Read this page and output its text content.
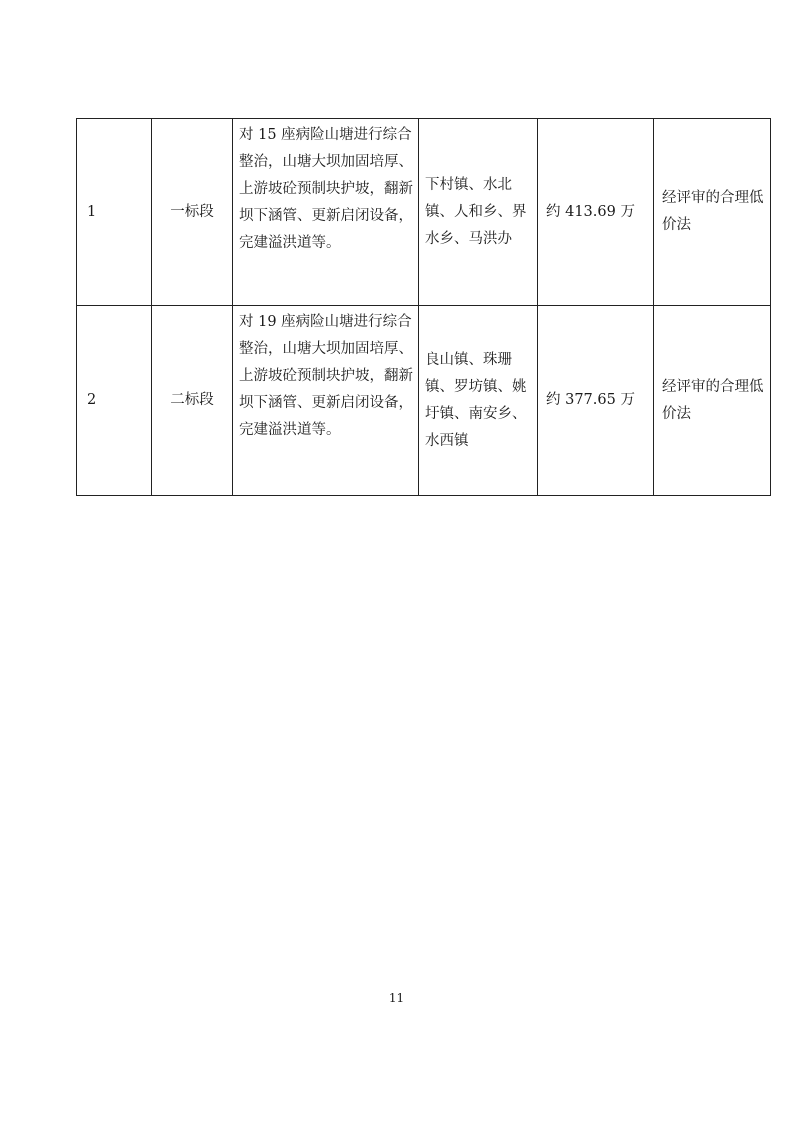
1	一标段	对 15 座病险山塘进行综合整治，山塘大坝加固培厚、上游坡砼预制块护坡，翻新坝下涵管、更新启闭设备，完建溢洪道等。	下村镇、水北镇、人和乡、界水乡、马洪办	约 413.69 万	经评审的合理低价法
2	二标段	对 19 座病险山塘进行综合整治，山塘大坝加固培厚、上游坡砼预制块护坡，翻新坝下涵管、更新启闭设备，完建溢洪道等。	良山镇、珠珊镇、罗坊镇、姚圩镇、南安乡、水西镇	约 377.65 万	经评审的合理低价法
11
